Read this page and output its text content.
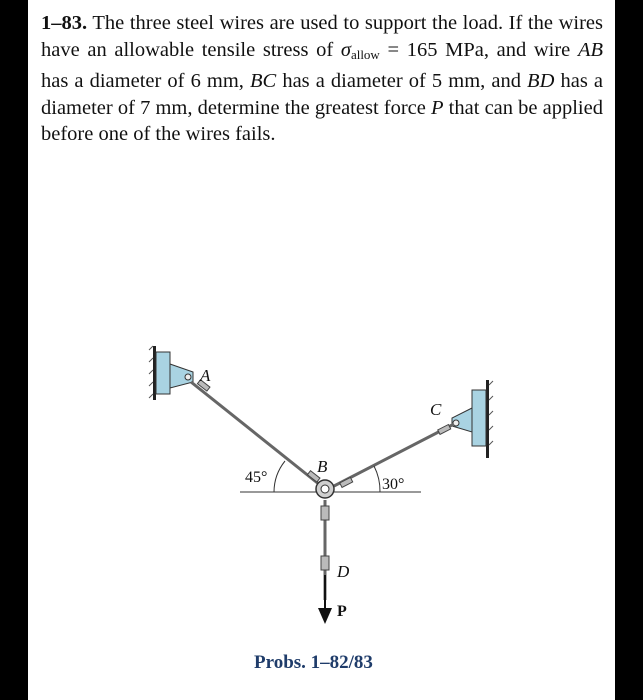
1–83. The three steel wires are used to support the load. If the wires have an allowable tensile stress of $\sigma_{allow} = 165$ MPa, and wire AB has a diameter of 6 mm, BC has a diameter of 5 mm, and BD has a diameter of 7 mm, determine the greatest force P that can be applied before one of the wires fails.
A
B
C
D
P
45°	30°
Probs. 1–82/83
